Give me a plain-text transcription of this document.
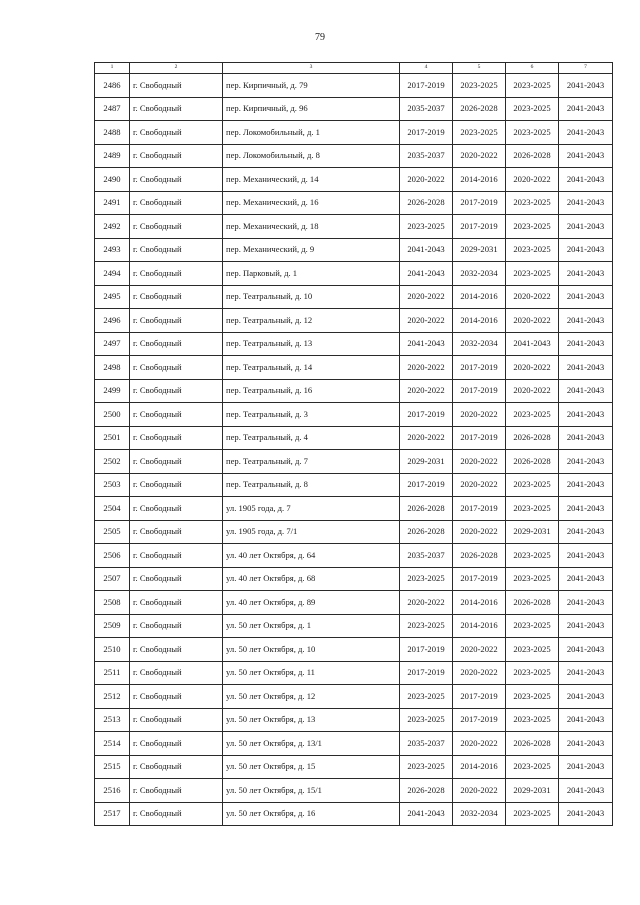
79
1	2	3	4	5	6	7
2486	г. Свободный	пер. Кирпичный, д. 79	2017-2019	2023-2025	2023-2025	2041-2043
2487	г. Свободный	пер. Кирпичный, д. 96	2035-2037	2026-2028	2023-2025	2041-2043
2488	г. Свободный	пер. Локомобильный, д. 1	2017-2019	2023-2025	2023-2025	2041-2043
2489	г. Свободный	пер. Локомобильный, д. 8	2035-2037	2020-2022	2026-2028	2041-2043
2490	г. Свободный	пер. Механический, д. 14	2020-2022	2014-2016	2020-2022	2041-2043
2491	г. Свободный	пер. Механический, д. 16	2026-2028	2017-2019	2023-2025	2041-2043
2492	г. Свободный	пер. Механический, д. 18	2023-2025	2017-2019	2023-2025	2041-2043
2493	г. Свободный	пер. Механический, д. 9	2041-2043	2029-2031	2023-2025	2041-2043
2494	г. Свободный	пер. Парковый, д. 1	2041-2043	2032-2034	2023-2025	2041-2043
2495	г. Свободный	пер. Театральный, д. 10	2020-2022	2014-2016	2020-2022	2041-2043
2496	г. Свободный	пер. Театральный, д. 12	2020-2022	2014-2016	2020-2022	2041-2043
2497	г. Свободный	пер. Театральный, д. 13	2041-2043	2032-2034	2041-2043	2041-2043
2498	г. Свободный	пер. Театральный, д. 14	2020-2022	2017-2019	2020-2022	2041-2043
2499	г. Свободный	пер. Театральный, д. 16	2020-2022	2017-2019	2020-2022	2041-2043
2500	г. Свободный	пер. Театральный, д. 3	2017-2019	2020-2022	2023-2025	2041-2043
2501	г. Свободный	пер. Театральный, д. 4	2020-2022	2017-2019	2026-2028	2041-2043
2502	г. Свободный	пер. Театральный, д. 7	2029-2031	2020-2022	2026-2028	2041-2043
2503	г. Свободный	пер. Театральный, д. 8	2017-2019	2020-2022	2023-2025	2041-2043
2504	г. Свободный	ул. 1905 года, д. 7	2026-2028	2017-2019	2023-2025	2041-2043
2505	г. Свободный	ул. 1905 года, д. 7/1	2026-2028	2020-2022	2029-2031	2041-2043
2506	г. Свободный	ул. 40 лет Октября, д. 64	2035-2037	2026-2028	2023-2025	2041-2043
2507	г. Свободный	ул. 40 лет Октября, д. 68	2023-2025	2017-2019	2023-2025	2041-2043
2508	г. Свободный	ул. 40 лет Октября, д. 89	2020-2022	2014-2016	2026-2028	2041-2043
2509	г. Свободный	ул. 50 лет Октября, д. 1	2023-2025	2014-2016	2023-2025	2041-2043
2510	г. Свободный	ул. 50 лет Октября, д. 10	2017-2019	2020-2022	2023-2025	2041-2043
2511	г. Свободный	ул. 50 лет Октября, д. 11	2017-2019	2020-2022	2023-2025	2041-2043
2512	г. Свободный	ул. 50 лет Октября, д. 12	2023-2025	2017-2019	2023-2025	2041-2043
2513	г. Свободный	ул. 50 лет Октября, д. 13	2023-2025	2017-2019	2023-2025	2041-2043
2514	г. Свободный	ул. 50 лет Октября, д. 13/1	2035-2037	2020-2022	2026-2028	2041-2043
2515	г. Свободный	ул. 50 лет Октября, д. 15	2023-2025	2014-2016	2023-2025	2041-2043
2516	г. Свободный	ул. 50 лет Октября, д. 15/1	2026-2028	2020-2022	2029-2031	2041-2043
2517	г. Свободный	ул. 50 лет Октября, д. 16	2041-2043	2032-2034	2023-2025	2041-2043
